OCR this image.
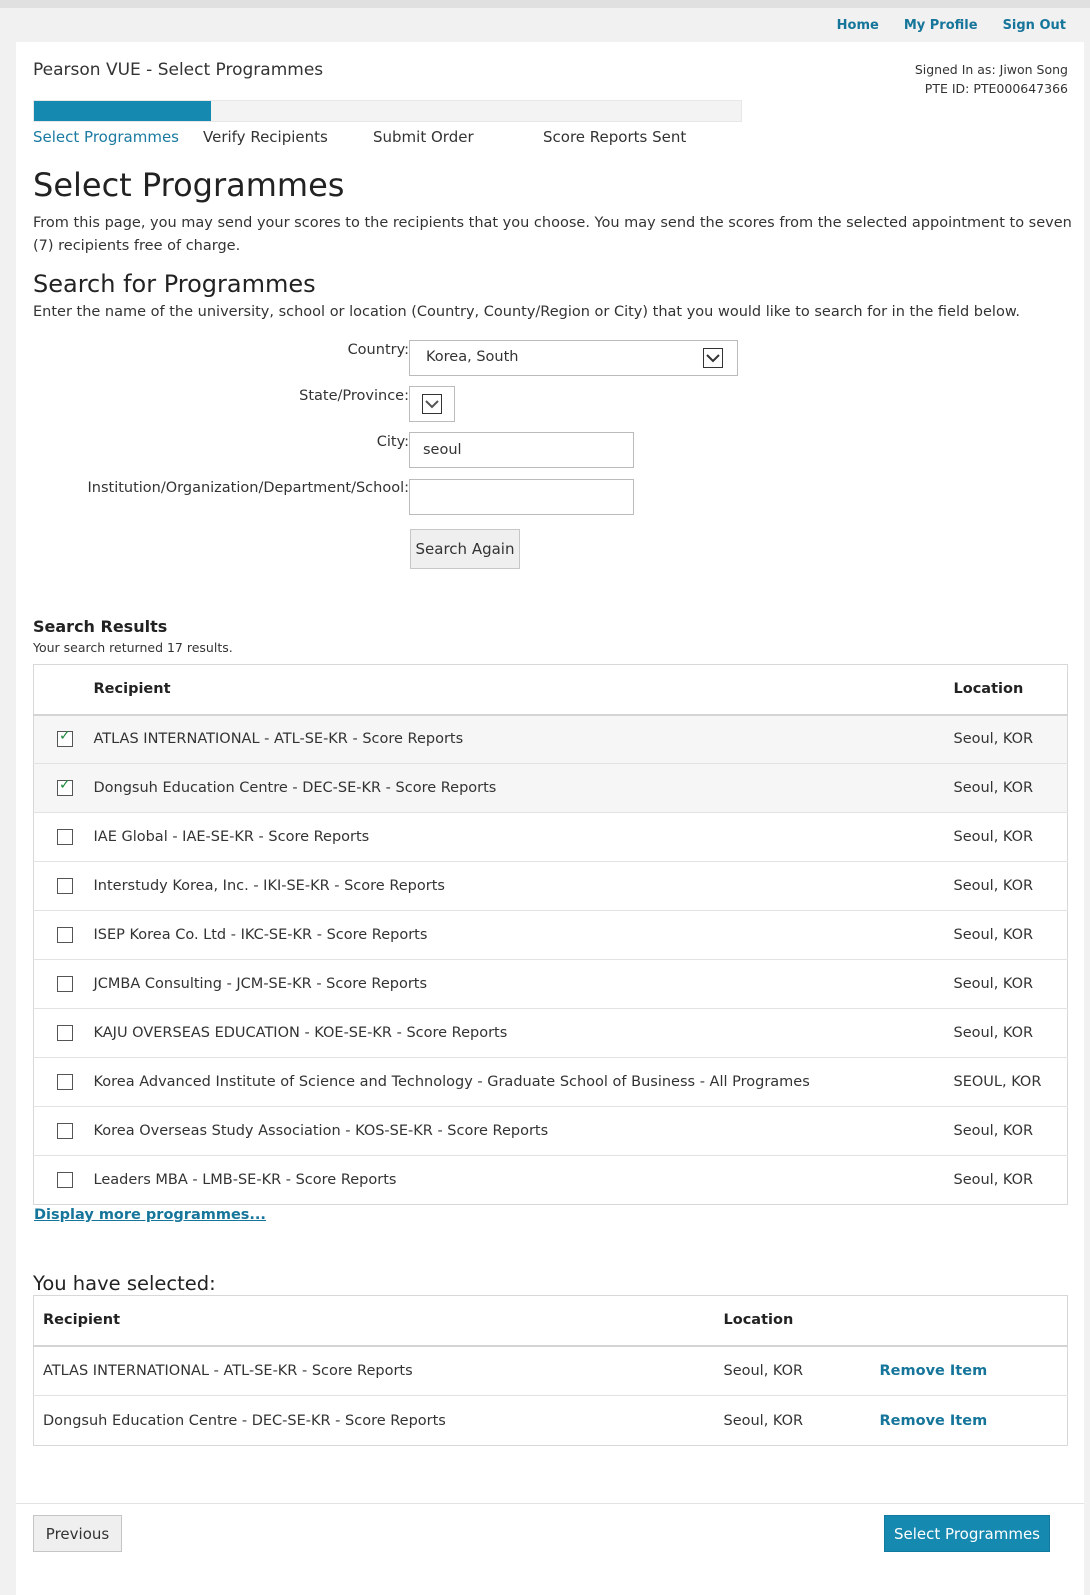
Home My Profile Sign Out
Pearson VUE - Select Programmes	Signed In as: Jiwon Song
PTE ID: PTE000647366
Select Programmes Verify Recipients	Submit Order	Score Reports Sent
Select Programmes

From this page, you may send your scores to the recipients that you choose. You may send the scores from the selected appointment to seven (7) recipients free of charge.

Search for Programmes

Enter the name of the university, school or location (Country, County/Region or City) that you would like to search for in the field below.

Country: Korea, South
State/Province:
City: seoul
Institution/Organization/Department/School:
Search Again
Search Results
Your search returned 17 results.
	Recipient	Location
✓	ATLAS INTERNATIONAL - ATL-SE-KR - Score Reports	Seoul, KOR
✓	Dongsuh Education Centre - DEC-SE-KR - Score Reports	Seoul, KOR
	IAE Global - IAE-SE-KR - Score Reports	Seoul, KOR
	Interstudy Korea, Inc. - IKI-SE-KR - Score Reports	Seoul, KOR
	ISEP Korea Co. Ltd - IKC-SE-KR - Score Reports	Seoul, KOR
	JCMBA Consulting - JCM-SE-KR - Score Reports	Seoul, KOR
	KAJU OVERSEAS EDUCATION - KOE-SE-KR - Score Reports	Seoul, KOR
	Korea Advanced Institute of Science and Technology - Graduate School of Business - All Programes	SEOUL, KOR
	Korea Overseas Study Association - KOS-SE-KR - Score Reports	Seoul, KOR
	Leaders MBA - LMB-SE-KR - Score Reports	Seoul, KOR
Display more programmes...
You have selected:
Recipient	Location	
ATLAS INTERNATIONAL - ATL-SE-KR - Score Reports	Seoul, KOR	Remove Item
Dongsuh Education Centre - DEC-SE-KR - Score Reports	Seoul, KOR	Remove Item
Previous	Select Programmes
